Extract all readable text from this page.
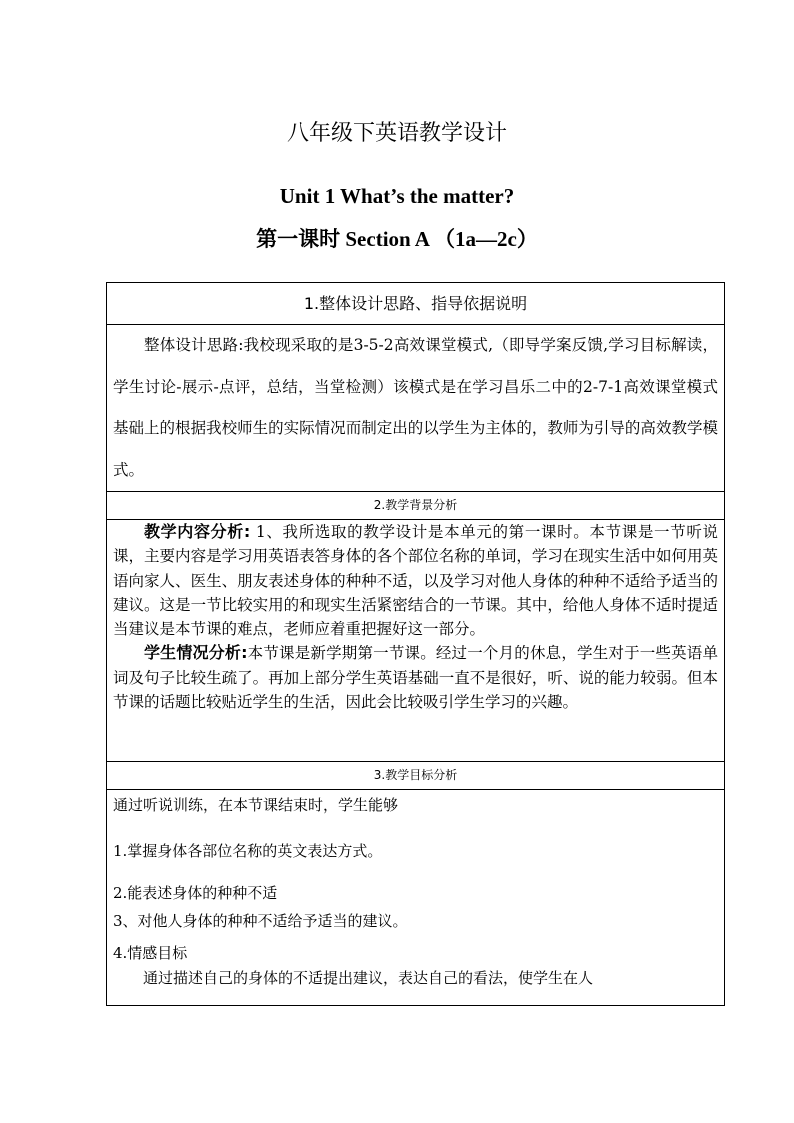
八年级下英语教学设计
Unit 1 What’s the matter?
第一课时 Section A （1a—2c）
1.整体设计思路、指导依据说明

整体设计思路:我校现采取的是3-5-2高效课堂模式,（即导学案反馈,学习目标解读，学生讨论-展示-点评，总结，当堂检测）该模式是在学习昌乐二中的2-7-1高效课堂模式基础上的根据我校师生的实际情况而制定出的以学生为主体的，教师为引导的高效教学模式。

2.教学背景分析

教学内容分析: 1、我所选取的教学设计是本单元的第一课时。本节课是一节听说课，主要内容是学习用英语表答身体的各个部位名称的单词，学习在现实生活中如何用英语向家人、医生、朋友表述身体的种种不适，以及学习对他人身体的种种不适给予适当的建议。这是一节比较实用的和现实生活紧密结合的一节课。其中，给他人身体不适时提适当建议是本节课的难点，老师应着重把握好这一部分。

学生情况分析:本节课是新学期第一节课。经过一个月的休息，学生对于一些英语单词及句子比较生疏了。再加上部分学生英语基础一直不是很好，听、说的能力较弱。但本节课的话题比较贴近学生的生活，因此会比较吸引学生学习的兴趣。

3.教学目标分析

通过听说训练，在本节课结束时，学生能够

1.掌握身体各部位名称的英文表达方式。

2.能表述身体的种种不适

3、对他人身体的种种不适给予适当的建议。

4.情感目标

通过描述自己的身体的不适提出建议，表达自己的看法，使学生在人
